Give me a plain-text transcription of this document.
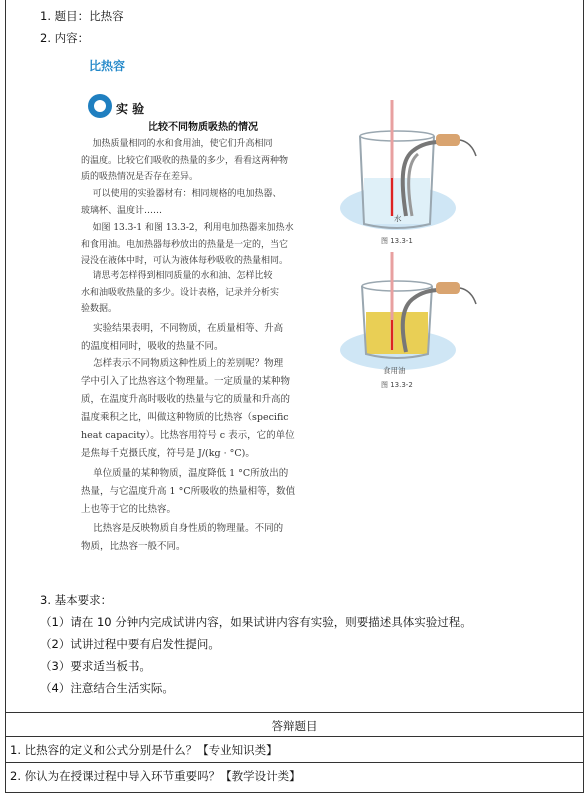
1. 题目：比热容
2. 内容：
比热容
实 验
比较不同物质吸热的情况
加热质量相同的水和食用油，使它们升高相同
的温度。比较它们吸收的热量的多少，看看这两种物
质的吸热情况是否存在差异。
可以使用的实验器材有：相同规格的电加热器、
玻璃杯、温度计……
如图 13.3-1 和图 13.3-2，利用电加热器来加热水
和食用油。电加热器每秒放出的热量是一定的，当它
浸没在液体中时，可认为液体每秒吸收的热量相同。
请思考怎样得到相同质量的水和油、怎样比较
水和油吸收热量的多少。设计表格，记录并分析实
验数据。
实验结果表明，不同物质，在质量相等、升高
的温度相同时，吸收的热量不同。
怎样表示不同物质这种性质上的差别呢？物理
学中引入了比热容这个物理量。一定质量的某种物
质，在温度升高时吸收的热量与它的质量和升高的
温度乘积之比，叫做这种物质的比热容（specific
heat capacity）。比热容用符号 c 表示，它的单位
是焦每千克摄氏度，符号是 J/(kg · °C)。
单位质量的某种物质，温度降低 1 °C所放出的
热量，与它温度升高 1 °C所吸收的热量相等，数值
上也等于它的比热容。
比热容是反映物质自身性质的物理量。不同的
物质，比热容一般不同。
水
图 13.3-1
食用油
图 13.3-2
3. 基本要求：
（1）请在 10 分钟内完成试讲内容，如果试讲内容有实验，则要描述具体实验过程。
（2）试讲过程中要有启发性提问。
（3）要求适当板书。
（4）注意结合生活实际。
答辩题目
1. 比热容的定义和公式分别是什么？【专业知识类】
2. 你认为在授课过程中导入环节重要吗？【教学设计类】
